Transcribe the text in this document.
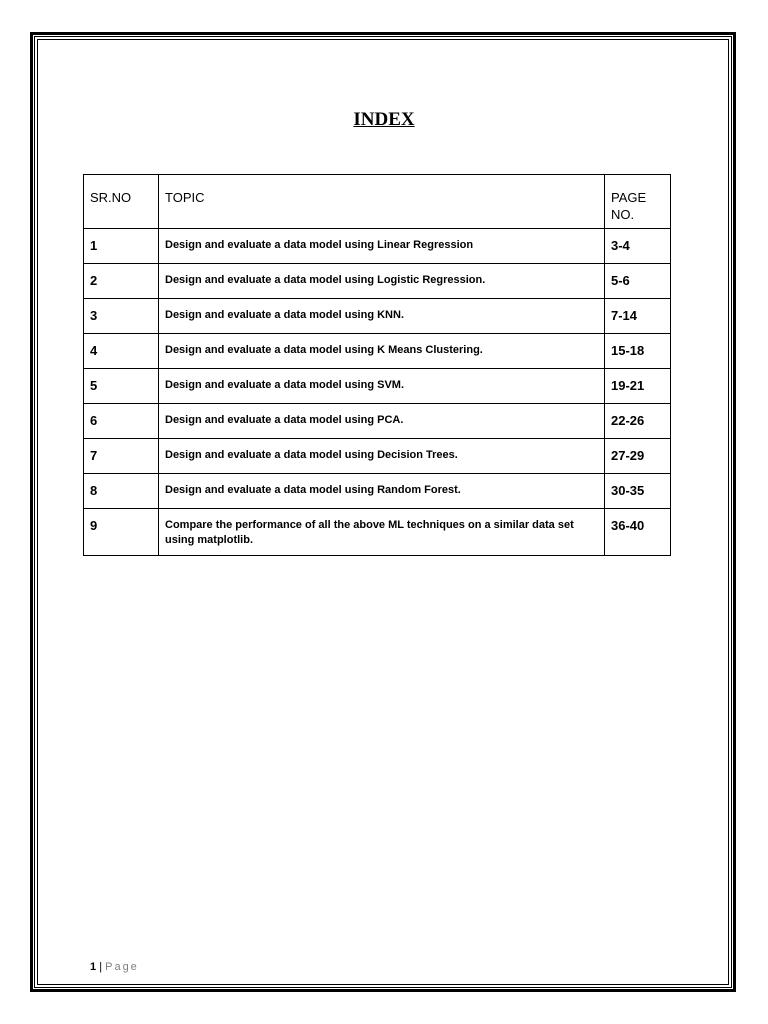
INDEX
SR.NO	TOPIC	PAGE NO.
1	Design and evaluate a data model using Linear Regression	3-4
2	Design and evaluate a data model using Logistic Regression.	5-6
3	Design and evaluate a data model using KNN.	7-14
4	Design and evaluate a data model using K Means Clustering.	15-18
5	Design and evaluate a data model using SVM.	19-21
6	Design and evaluate a data model using PCA.	22-26
7	Design and evaluate a data model using Decision Trees.	27-29
8	Design and evaluate a data model using Random Forest.	30-35
9	Compare the performance of all the above ML techniques on a similar data set using matplotlib.	36-40
1 | Page
